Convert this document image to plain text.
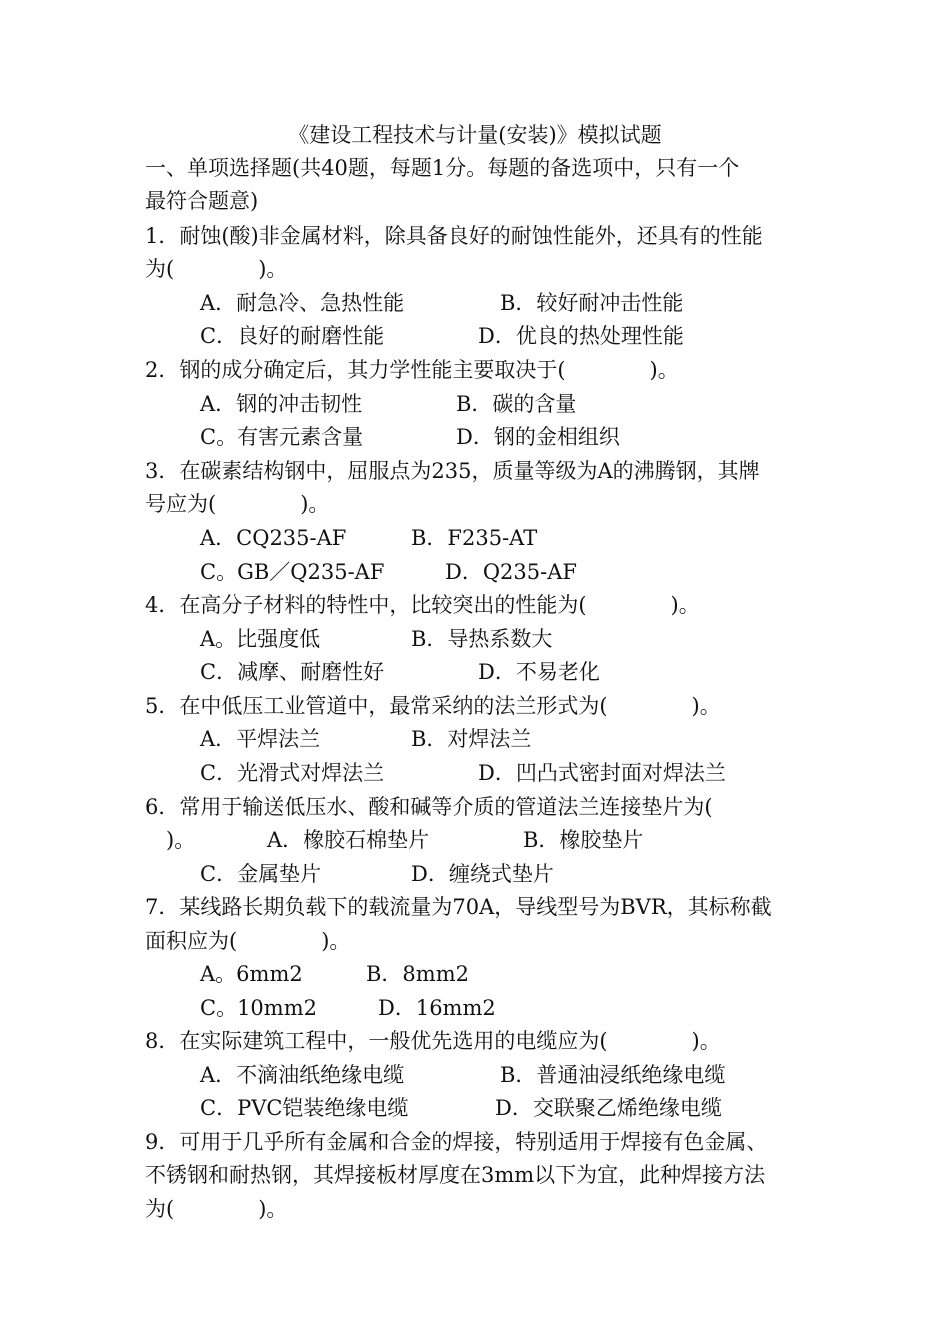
《建设工程技术与计量(安装)》模拟试题
一、单项选择题(共40题，每题1分。每题的备选项中，只有一个
最符合题意)
1．耐蚀(酸)非金属材料，除具备良好的耐蚀性能外，还具有的性能
为(　　　　)。
A．耐急冷、急热性能	B．较好耐冲击性能
C．良好的耐磨性能	D．优良的热处理性能
2．钢的成分确定后，其力学性能主要取决于(　　　　)。
A．钢的冲击韧性	B．碳的含量
C。有害元素含量	D．钢的金相组织
3．在碳素结构钢中，屈服点为235，质量等级为A的沸腾钢，其牌
号应为(　　　　)。
A．CQ235-AF	B．F235-AT
C。GB／Q235-AF	D．Q235-AF
4．在高分子材料的特性中，比较突出的性能为(　　　　)。
A。比强度低	B．导热系数大
C．减摩、耐磨性好	D．不易老化
5．在中低压工业管道中，最常采纳的法兰形式为(　　　　)。
A．平焊法兰	B．对焊法兰
C．光滑式对焊法兰	D．凹凸式密封面对焊法兰
6．常用于输送低压水、酸和碱等介质的管道法兰连接垫片为(
　)。	A．橡胶石棉垫片	B．橡胶垫片
C．金属垫片	D．缠绕式垫片
7．某线路长期负载下的载流量为70A，导线型号为BVR，其标称截
面积应为(　　　　)。
A。6mm2	B．8mm2
C。10mm2	D．16mm2
8．在实际建筑工程中，一般优先选用的电缆应为(　　　　)。
A．不滴油纸绝缘电缆	B．普通油浸纸绝缘电缆
C．PVC铠装绝缘电缆	D．交联聚乙烯绝缘电缆
9．可用于几乎所有金属和合金的焊接，特别适用于焊接有色金属、
不锈钢和耐热钢，其焊接板材厚度在3mm以下为宜，此种焊接方法
为(　　　　)。
